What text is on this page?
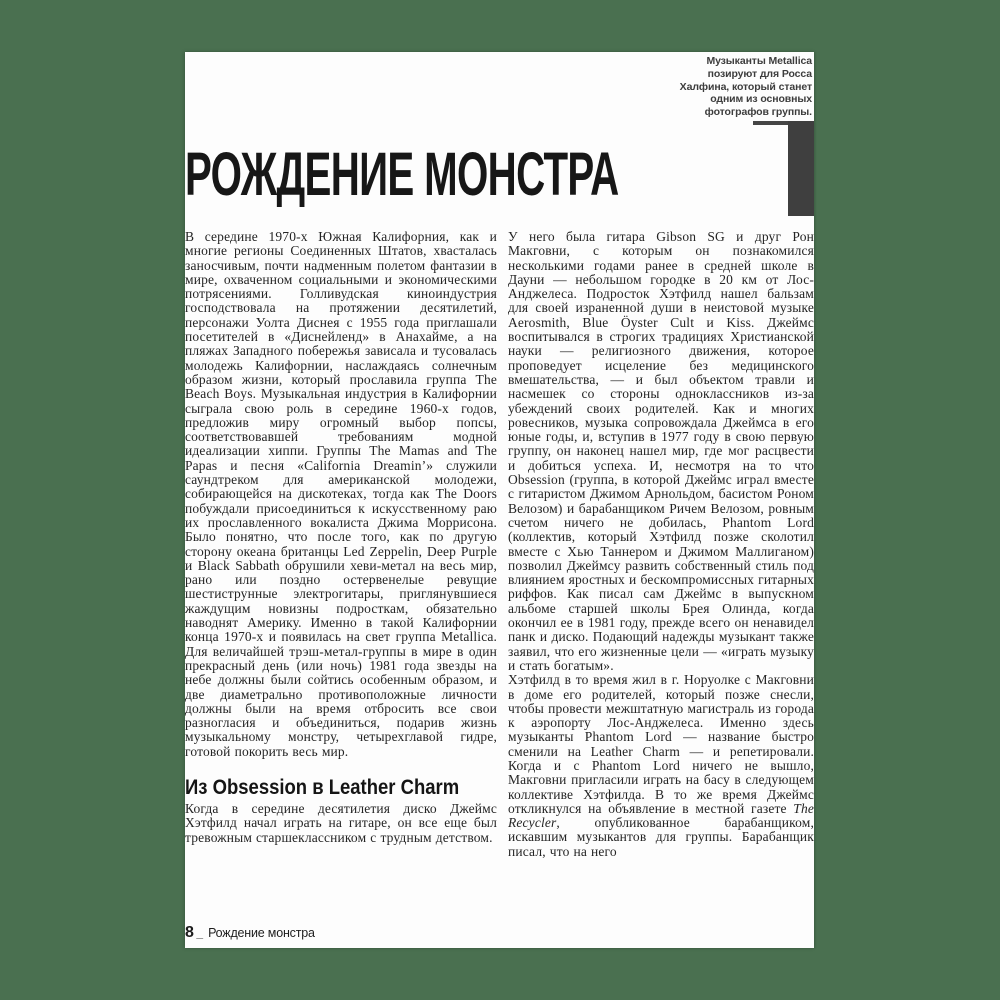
Музыканты Metallica
позируют для Росса
Халфина, который станет
одним из основных
фотографов группы.
РОЖДЕНИЕ МОНСТРА

В середине 1970-х Южная Калифорния, как и многие регионы Соединенных Штатов, хвасталась заносчивым, почти надменным полетом фантазии в мире, охваченном социальными и экономическими потрясениями. Голливудская киноиндустрия господствовала на протяжении десятилетий, персонажи Уолта Диснея с 1955 года приглашали посетителей в «Диснейленд» в Анахайме, а на пляжах Западного побережья зависала и тусовалась молодежь Калифорнии, наслаждаясь солнечным образом жизни, который прославила группа The Beach Boys. Музыкальная индустрия в Калифорнии сыграла свою роль в середине 1960-х годов, предложив миру огромный выбор попсы, соответствовавшей требованиям модной идеализации хиппи. Группы The Mamas and The Papas и песня «California Dreamin’» служили саундтреком для американской молодежи, собирающейся на дискотеках, тогда как The Doors побуждали присоединиться к искусственному раю их прославленного вокалиста Джима Моррисона. Было понятно, что после того, как по другую сторону океана британцы Led Zeppelin, Deep Purple и Black Sabbath обрушили хеви-метал на весь мир, рано или поздно остервенелые ревущие шестиструнные электрогитары, приглянувшиеся жаждущим новизны подросткам, обязательно наводнят Америку. Именно в такой Калифорнии конца 1970-х и появилась на свет группа Metallica. Для величайшей трэш-метал-группы в мире в один прекрасный день (или ночь) 1981 года звезды на небе должны были сойтись особенным образом, и две диаметрально противоположные личности должны были на время отбросить все свои разногласия и объединиться, подарив жизнь музыкальному монстру, четырехглавой гидре, готовой покорить весь мир.

Из Obsession в Leather Charm

Когда в середине десятилетия диско Джеймс Хэтфилд начал играть на гитаре, он все еще был тревожным старшеклассником с трудным детством.

У него была гитара Gibson SG и друг Рон Макговни, с которым он познакомился несколькими годами ранее в средней школе в Дауни — небольшом городке в 20 км от Лос-Анджелеса. Подросток Хэтфилд нашел бальзам для своей израненной души в неистовой музыке Aerosmith, Blue Öyster Cult и Kiss. Джеймс воспитывался в строгих традициях Христианской науки — религиозного движения, которое проповедует исцеление без медицинского вмешательства, — и был объектом травли и насмешек со стороны одноклассников из-за убеждений своих родителей. Как и многих ровесников, музыка сопровождала Джеймса в его юные годы, и, вступив в 1977 году в свою первую группу, он наконец нашел мир, где мог расцвести и добиться успеха. И, несмотря на то что Obsession (группа, в которой Джеймс играл вместе с гитаристом Джимом Арнольдом, басистом Роном Велозом) и барабанщиком Ричем Велозом, ровным счетом ничего не добилась, Phantom Lord (коллектив, который Хэтфилд позже сколотил вместе с Хью Таннером и Джимом Маллиганом) позволил Джеймсу развить собственный стиль под влиянием яростных и бескомпромиссных гитарных риффов. Как писал сам Джеймс в выпускном альбоме старшей школы Брея Олинда, когда окончил ее в 1981 году, прежде всего он ненавидел панк и диско. Подающий надежды музыкант также заявил, что его жизненные цели — «играть музыку и стать богатым».

Хэтфилд в то время жил в г. Норуолке с Макговни в доме его родителей, который позже снесли, чтобы провести межштатную магистраль из города к аэропорту Лос-Анджелеса. Именно здесь музыканты Phantom Lord — название быстро сменили на Leather Charm — и репетировали. Когда и с Phantom Lord ничего не вышло, Макговни пригласили играть на басу в следующем коллективе Хэтфилда. В то же время Джеймс откликнулся на объявление в местной газете The Recycler, опубликованное барабанщиком, искавшим музыкантов для группы. Барабанщик писал, что на него

8 _ Рождение монстра
